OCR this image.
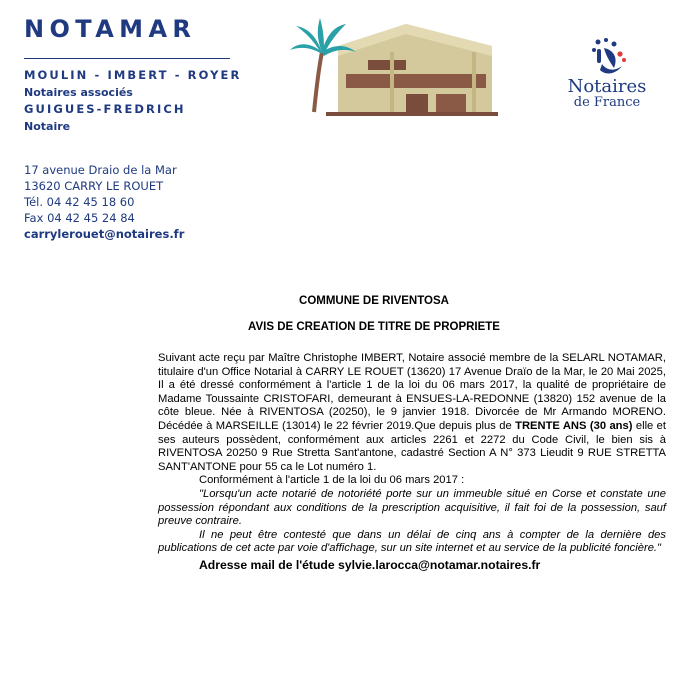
NOTAMAR
MOULIN - IMBERT - ROYER
Notaires associés
GUIGUES-FREDRICH
Notaire
Notaires
de France
17 avenue Draio de la Mar
13620 CARRY LE ROUET
Tél. 04 42 45 18 60
Fax 04 42 45 24 84
carrylerouet@notaires.fr
COMMUNE DE RIVENTOSA
AVIS DE CREATION DE TITRE DE PROPRIETE

Suivant acte reçu par Maître Christophe IMBERT, Notaire associé membre de la SELARL NOTAMAR, titulaire d'un Office Notarial à CARRY LE ROUET (13620) 17 Avenue Draïo de la Mar, le 20 Mai 2025, Il a été dressé conformément à l'article 1 de la loi du 06 mars 2017, la qualité de propriétaire de Madame Toussainte CRISTOFARI, demeurant à ENSUES-LA-REDONNE (13820) 152 avenue de la côte bleue. Née à RIVENTOSA (20250), le 9 janvier 1918. Divorcée de Mr Armando MORENO. Décédée à MARSEILLE (13014) le 22 février 2019.Que depuis plus de TRENTE ANS (30 ans) elle et ses auteurs possèdent, conformément aux articles 2261 et 2272 du Code Civil, le bien sis à RIVENTOSA 20250 9 Rue Stretta Sant'antone, cadastré Section A N° 373 Lieudit 9 RUE STRETTA SANT'ANTONE pour 55 ca le Lot numéro 1.

Conformément à l'article 1 de la loi du 06 mars 2017 :

"Lorsqu'un acte notarié de notoriété porte sur un immeuble situé en Corse et constate une possession répondant aux conditions de la prescription acquisitive, il fait foi de la possession, sauf preuve contraire.

Il ne peut être contesté que dans un délai de cinq ans à compter de la dernière des publications de cet acte par voie d'affichage, sur un site internet et au service de la publicité foncière."

Adresse mail de l'étude sylvie.larocca@notamar.notaires.fr
